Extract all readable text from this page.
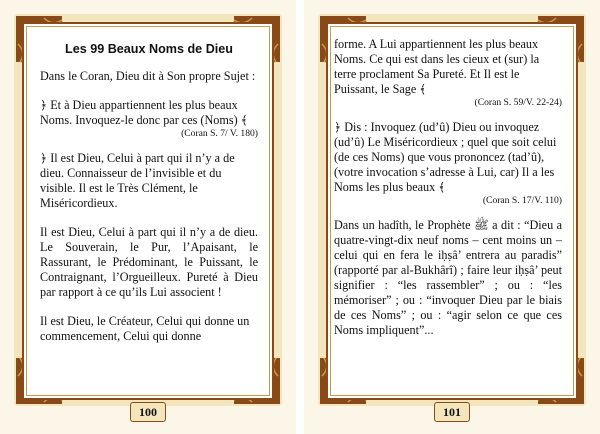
Les 99 Beaux Noms de Dieu

Dans le Coran, Dieu dit à Son propre Sujet :

﴿ Et à Dieu appartiennent les plus beaux Noms. Invoquez-le donc par ces (Noms) ﴾

(Coran S. 7/ V. 180)

﴿ Il est Dieu, Celui à part qui il n’y a de dieu. Connaisseur de l’invisible et du visible. Il est le Très Clément, le Miséricordieux.

Il est Dieu, Celui à part qui il n’y a de dieu. Le Souverain, le Pur, l’Apaisant, le Rassurant, le Prédominant, le Puissant, le Contraignant, l’Orgueilleux. Pureté à Dieu par rapport à ce qu’ils Lui associent !

Il est Dieu, le Créateur, Celui qui donne un commencement, Celui qui donne

100

forme. A Lui appartiennent les plus beaux Noms. Ce qui est dans les cieux et (sur) la terre proclament Sa Pureté. Et Il est le Puissant, le Sage ﴾

(Coran S. 59/V. 22-24)

﴿ Dis : Invoquez (ud’û) Dieu ou invoquez (ud’û) Le Miséricordieux ; quel que soit celui (de ces Noms) que vous prononcez (tad’û), (votre invocation s’adresse à Lui, car) Il a les Noms les plus beaux ﴾

(Coran S. 17/V. 110)

Dans un hadîth, le Prophète ﷺ a dit : “Dieu a quatre-vingt-dix neuf noms – cent moins un – celui qui en fera le iḥṣâ’ entrera au paradis” (rapporté par al-Bukhârî) ; faire leur iḥṣâ’ peut signifier : “les rassembler” ; ou : “les mémoriser” ; ou : “invoquer Dieu par le biais de ces Noms” ; ou : “agir selon ce que ces Noms impliquent”...

101
